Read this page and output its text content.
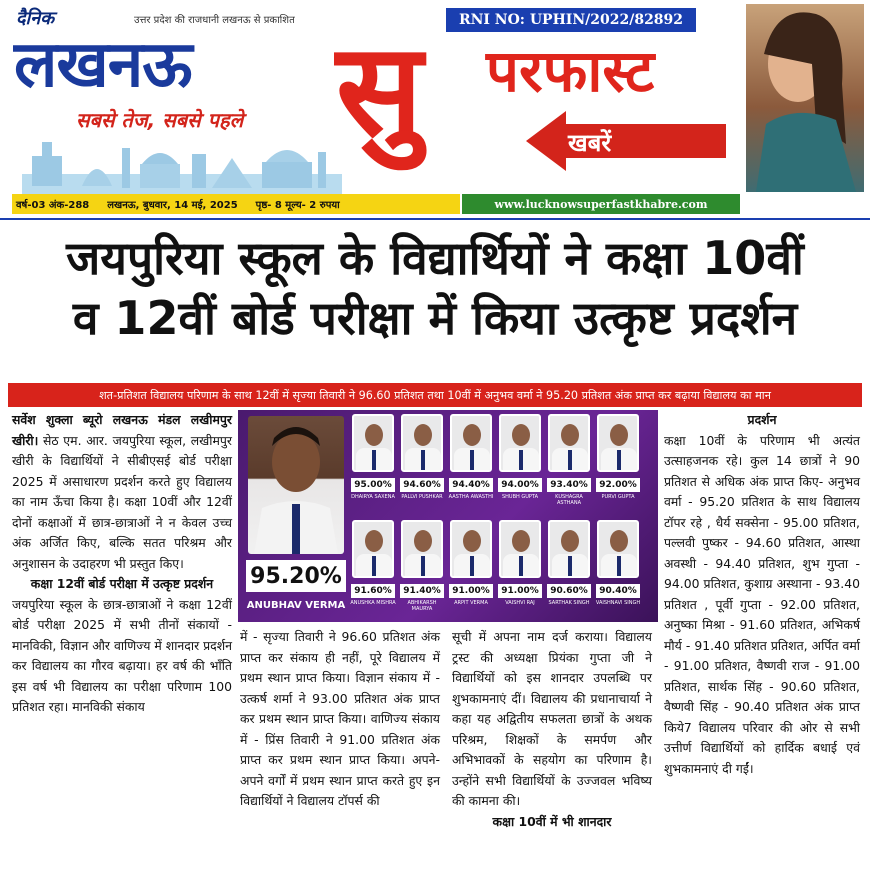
दैनिक	उत्तर प्रदेश की राजधानी लखनऊ से प्रकाशित
लखनऊ
सबसे तेज, सबसे पहले
RNI NO: UPHIN/2022/82892
सु परफास्ट
खबरें
वर्ष-03 अंक-288 लखनऊ, बुधवार, 14 मई, 2025 पृष्ठ- 8 मूल्य- 2 रुपया	www.lucknowsuperfastkhabre.com
जयपुरिया स्कूल के विद्यार्थियों ने कक्षा 10वीं
व 12वीं बोर्ड परीक्षा में किया उत्कृष्ट प्रदर्शन
शत-प्रतिशत विद्यालय परिणाम के साथ 12वीं में सृज्या तिवारी ने 96.60 प्रतिशत तथा 10वीं में अनुभव वर्मा ने 95.20 प्रतिशत अंक प्राप्त कर बढ़ाया विद्यालय का मान

सर्वेश शुक्ला ब्यूरो लखनऊ मंडल लखीमपुर खीरी। सेठ एम. आर. जयपुरिया स्कूल, लखीमपुर खीरी के विद्यार्थियों ने सीबीएसई बोर्ड परीक्षा 2025 में असाधारण प्रदर्शन करते हुए विद्यालय का नाम ऊँचा किया है। कक्षा 10वीं और 12वीं दोनों कक्षाओं में छात्र-छात्राओं ने न केवल उच्च अंक अर्जित किए, बल्कि सतत परिश्रम और अनुशासन के उदाहरण भी प्रस्तुत किए।

कक्षा 12वीं बोर्ड परीक्षा में उत्कृष्ट प्रदर्शन

जयपुरिया स्कूल के छात्र-छात्राओं ने कक्षा 12वीं बोर्ड परीक्षा 2025 में सभी तीनों संकायों - मानविकी, विज्ञान और वाणिज्य में शानदार प्रदर्शन कर विद्यालय का गौरव बढ़ाया। हर वर्ष की भाँति इस वर्ष भी विद्यालय का परीक्षा परिणाम 100 प्रतिशत रहा। मानविकी संकाय

95.20%
ANUBHAV VERMA
95.00%
DHAIRYA SAXENA
94.60%
PALLVI PUSHKAR
94.40%
AASTHA AWASTHI
94.00%
SHUBH GUPTA
93.40%
KUSHAGRA ASTHANA
92.00%
PURVI GUPTA
91.60%
ANUSHKA MISHRA
91.40%
ABHIKARSH MAURYA
91.00%
ARPIT VERMA
91.00%
VAISHVI RAJ
90.60%
SARTHAK SINGH
90.40%
VAISHNAVI SINGH

में - सृज्या तिवारी ने 96.60 प्रतिशत अंक प्राप्त कर संकाय ही नहीं, पूरे विद्यालय में प्रथम स्थान प्राप्त किया। विज्ञान संकाय में - उत्कर्ष शर्मा ने 93.00 प्रतिशत अंक प्राप्त कर प्रथम स्थान प्राप्त किया। वाणिज्य संकाय में - प्रिंस तिवारी ने 91.00 प्रतिशत अंक प्राप्त कर प्रथम स्थान प्राप्त किया। अपने-अपने वर्गों में प्रथम स्थान प्राप्त करते हुए इन विद्यार्थियों ने विद्यालय टॉपर्स की

सूची में अपना नाम दर्ज कराया। विद्यालय ट्रस्ट की अध्यक्षा प्रियंका गुप्ता जी ने विद्यार्थियों को इस शानदार उपलब्धि पर शुभकामनाएं दीं। विद्यालय की प्रधानाचार्या ने कहा यह अद्वितीय सफलता छात्रों के अथक परिश्रम, शिक्षकों के समर्पण और अभिभावकों के सहयोग का परिणाम है। उन्होंने सभी विद्यार्थियों के उज्जवल भविष्य की कामना की।

कक्षा 10वीं में भी शानदार

प्रदर्शन

कक्षा 10वीं के परिणाम भी अत्यंत उत्साहजनक रहे। कुल 14 छात्रों ने 90 प्रतिशत से अधिक अंक प्राप्त किए- अनुभव वर्मा - 95.20 प्रतिशत के साथ विद्यालय टॉपर रहे , धैर्य सक्सेना - 95.00 प्रतिशत, पल्लवी पुष्कर - 94.60 प्रतिशत, आस्था अवस्थी - 94.40 प्रतिशत, शुभ गुप्ता - 94.00 प्रतिशत, कुशाग्र अस्थाना - 93.40 प्रतिशत , पूर्वी गुप्ता - 92.00 प्रतिशत, अनुष्का मिश्रा - 91.60 प्रतिशत, अभिकर्ष मौर्य - 91.40 प्रतिशत प्रतिशत, अर्पित वर्मा - 91.00 प्रतिशत, वैष्णवी राज - 91.00 प्रतिशत, सार्थक सिंह - 90.60 प्रतिशत, वैष्णवी सिंह - 90.40 प्रतिशत अंक प्राप्त किये7 विद्यालय परिवार की ओर से सभी उत्तीर्ण विद्यार्थियों को हार्दिक बधाई एवं शुभकामनाएं दी गईं।
